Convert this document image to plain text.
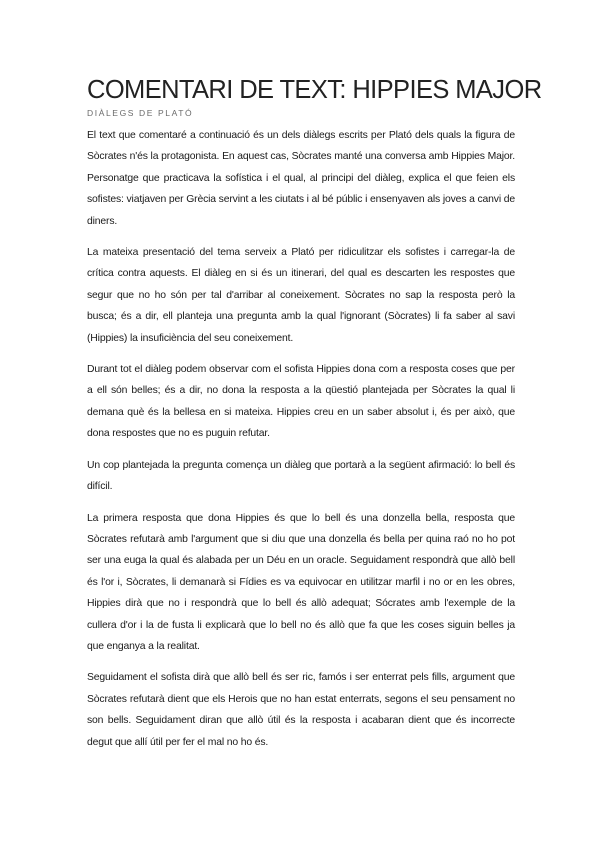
COMENTARI DE TEXT: HIPPIES MAJOR
DIÀLEGS DE PLATÓ

El text que comentaré a continuació és un dels diàlegs escrits per Plató dels quals la figura de Sòcrates n'és la protagonista. En aquest cas, Sòcrates manté una conversa amb Hippies Major. Personatge que practicava la sofística i el qual, al principi del diàleg, explica el que feien els sofistes: viatjaven per Grècia servint a les ciutats i al bé públic i ensenyaven als joves a canvi de diners.

La mateixa presentació del tema serveix a Plató per ridiculitzar els sofistes i carregar-la de crítica contra aquests. El diàleg en si és un itinerari, del qual es descarten les respostes que segur que no ho són per tal d'arribar al coneixement. Sòcrates no sap la resposta però la busca; és a dir, ell planteja una pregunta amb la qual l'ignorant (Sòcrates) li fa saber al savi (Hippies) la insuficiència del seu coneixement.

Durant tot el diàleg podem observar com el sofista Hippies dona com a resposta coses que per a ell són belles; és a dir, no dona la resposta a la qüestió plantejada per Sòcrates la qual li demana què és la bellesa en si mateixa. Hippies creu en un saber absolut i, és per això, que dona respostes que no es puguin refutar.

Un cop plantejada la pregunta comença un diàleg que portarà a la següent afirmació: lo bell és difícil.

La primera resposta que dona Hippies és que lo bell és una donzella bella, resposta que Sòcrates refutarà amb l'argument que si diu que una donzella és bella per quina raó no ho pot ser una euga la qual és alabada per un Déu en un oracle. Seguidament respondrà que allò bell és l'or i, Sòcrates, li demanarà si Fídies es va equivocar en utilitzar marfil i no or en les obres, Hippies dirà que no i respondrà que lo bell és allò adequat; Sócrates amb l'exemple de la cullera d'or i la de fusta li explicarà que lo bell no és allò que fa que les coses siguin belles ja que enganya a la realitat.

Seguidament el sofista dirà que allò bell és ser ric, famós i ser enterrat pels fills, argument que Sòcrates refutarà dient que els Herois que no han estat enterrats, segons el seu pensament no son bells. Seguidament diran que allò útil és la resposta i acabaran dient que és incorrecte degut que allí útil per fer el mal no ho és.
